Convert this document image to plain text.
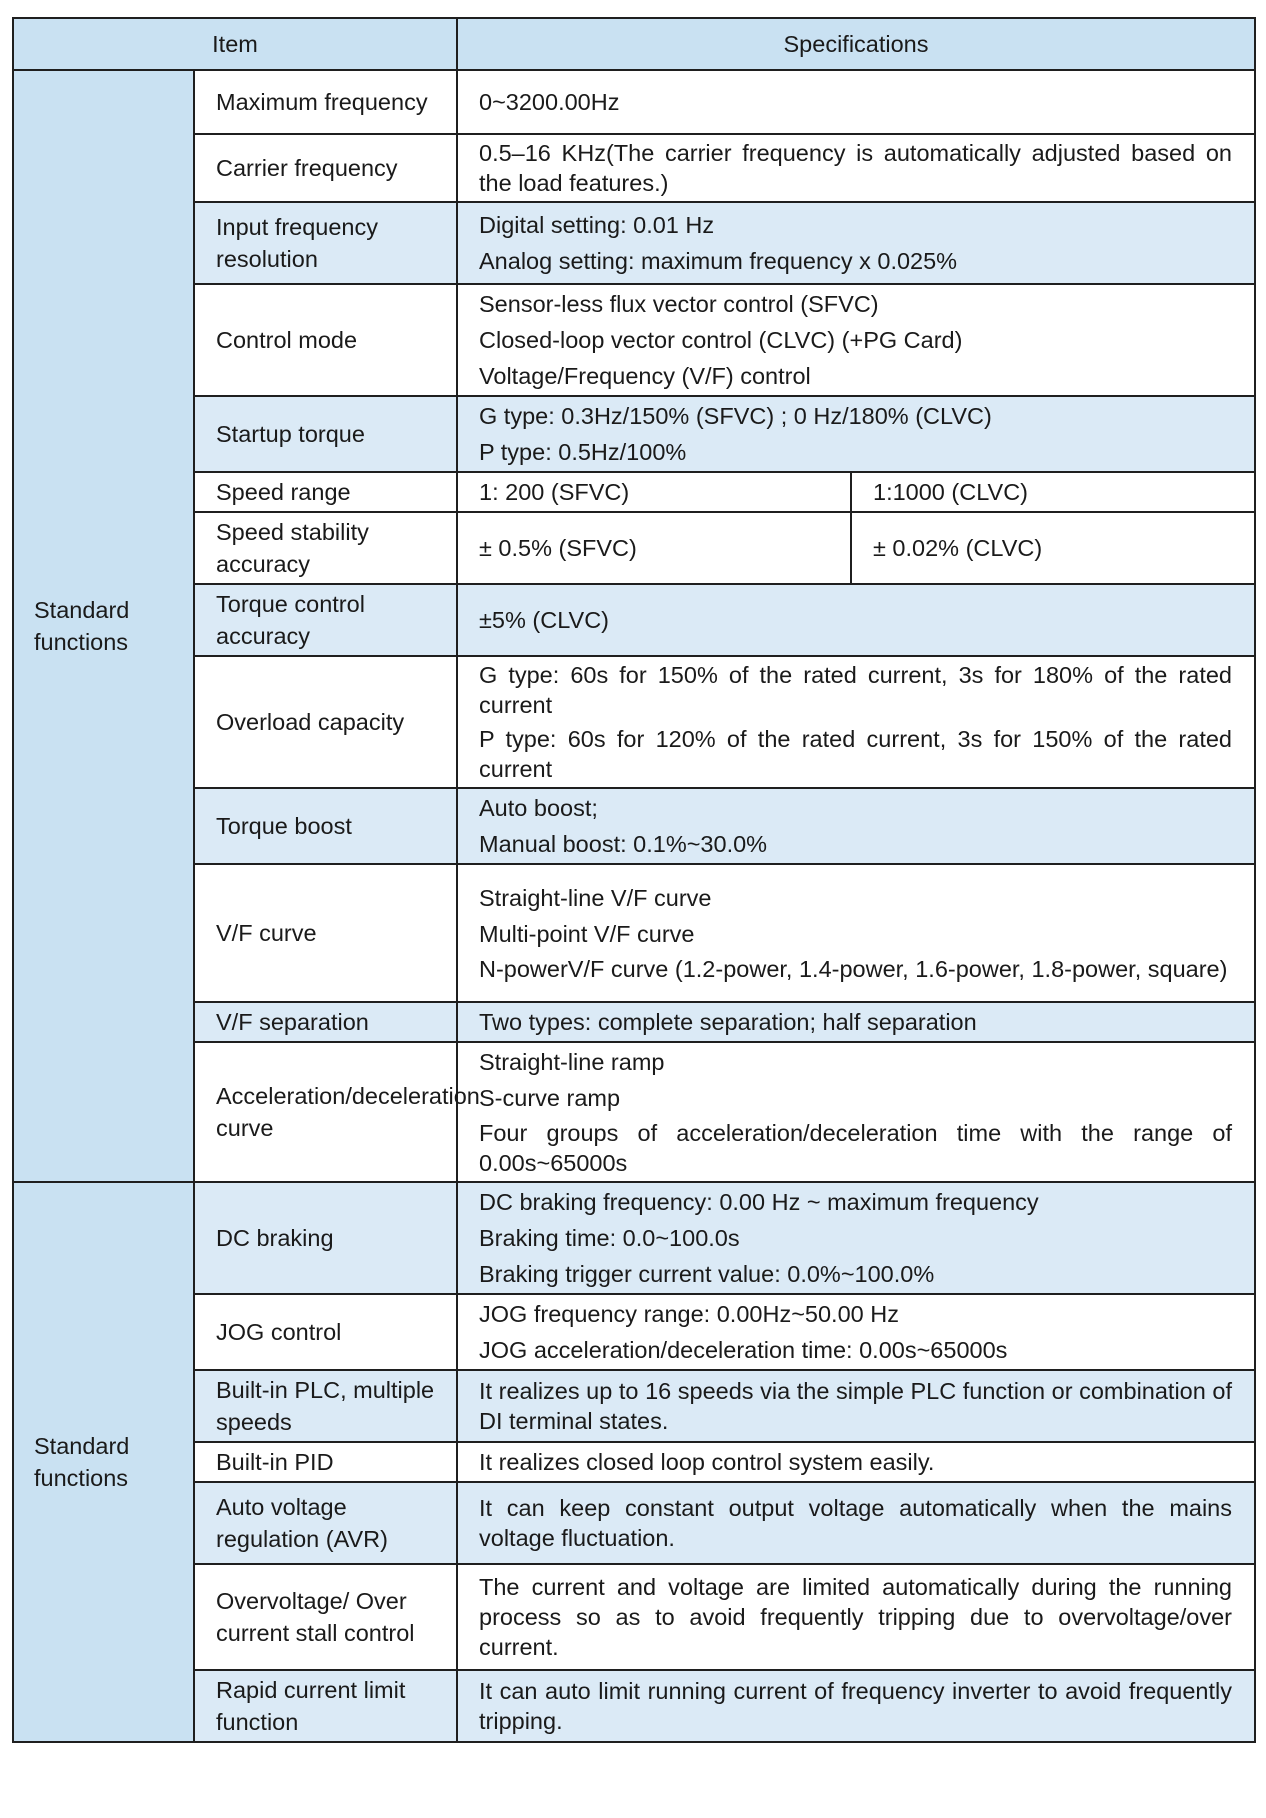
Item		Specifications	
Standard functions	Maximum frequency	0~3200.00Hz	

	Carrier frequency	0.5–16 KHz(The carrier frequency is automatically adjusted based on the load features.)	

	Input frequency resolution	Digital setting: 0.01 Hz
Analog setting: maximum frequency x 0.025%	

	Control mode	Sensor-less flux vector control (SFVC)
Closed-loop vector control (CLVC) (+PG Card)
Voltage/Frequency (V/F) control	

	Startup torque	G type: 0.3Hz/150% (SFVC) ; 0 Hz/180% (CLVC)
P type: 0.5Hz/100%	

	Speed range	1: 200 (SFVC)	1:1000 (CLVC)
	Speed stability accuracy	± 0.5% (SFVC)	± 0.02% (CLVC)
	Torque control accuracy	±5% (CLVC)	

	Overload capacity	G type: 60s for 150% of the rated current, 3s for 180% of the rated current
P type: 60s for 120% of the rated current, 3s for 150% of the rated current	

	Torque boost	Auto boost;
Manual boost: 0.1%~30.0%	

	V/F curve	Straight-line V/F curve
Multi-point V/F curve
N-powerV/F curve (1.2-power, 1.4-power, 1.6-power, 1.8-power, square)	

	V/F separation	Two types: complete separation; half separation	

	Acceleration/deceleration curve	Straight-line ramp
S-curve ramp
Four groups of acceleration/deceleration time with the range of 0.00s~65000s	

Standard functions	DC braking	DC braking frequency: 0.00 Hz ~ maximum frequency
Braking time: 0.0~100.0s
Braking trigger current value: 0.0%~100.0%	

	JOG control	JOG frequency range: 0.00Hz~50.00 Hz
JOG acceleration/deceleration time: 0.00s~65000s	

	Built-in PLC, multiple speeds	It realizes up to 16 speeds via the simple PLC function or combination of DI terminal states.	

	Built-in PID	It realizes closed loop control system easily.	

	Auto voltage regulation (AVR)	It can keep constant output voltage automatically when the mains voltage fluctuation.	

	Overvoltage/ Over current stall control	The current and voltage are limited automatically during the running process so as to avoid frequently tripping due to overvoltage/over current.	

	Rapid current limit function	It can auto limit running current of frequency inverter to avoid frequently tripping.	
